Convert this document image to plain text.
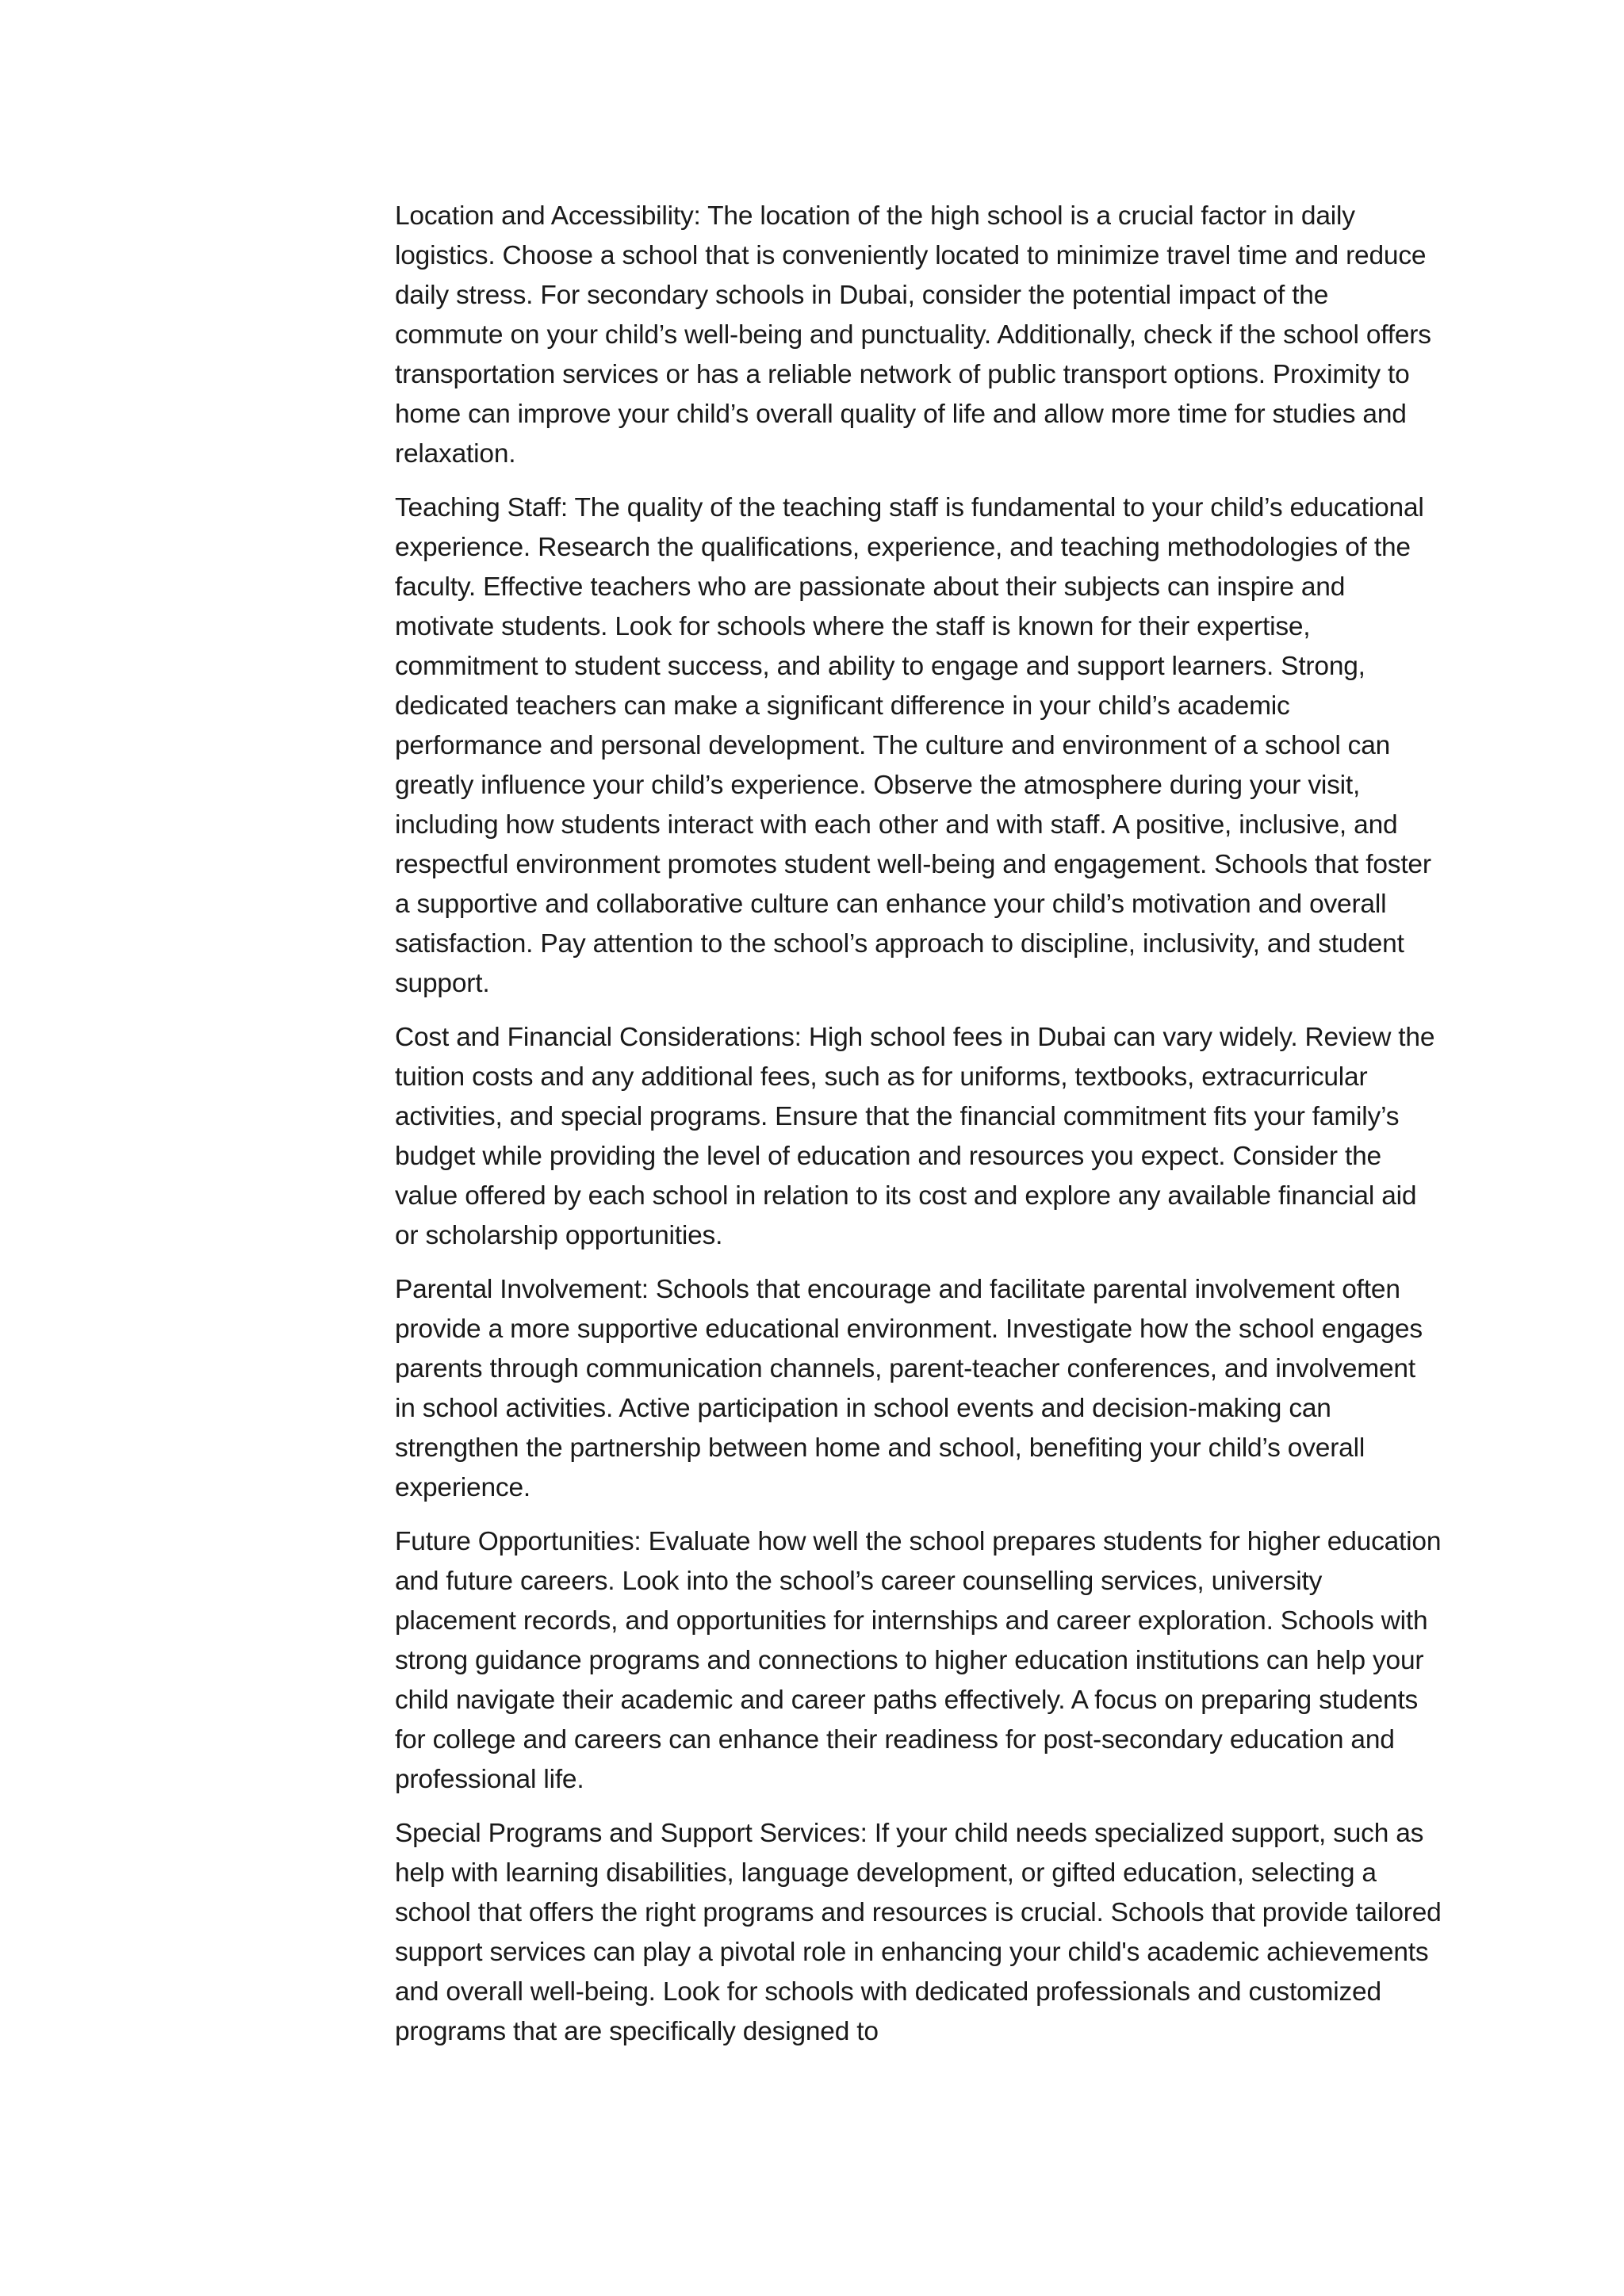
Location and Accessibility: The location of the high school is a crucial factor in daily logistics. Choose a school that is conveniently located to minimize travel time and reduce daily stress. For secondary schools in Dubai, consider the potential impact of the commute on your child’s well-being and punctuality. Additionally, check if the school offers transportation services or has a reliable network of public transport options. Proximity to home can improve your child’s overall quality of life and allow more time for studies and relaxation.

Teaching Staff: The quality of the teaching staff is fundamental to your child’s educational experience. Research the qualifications, experience, and teaching methodologies of the faculty. Effective teachers who are passionate about their subjects can inspire and motivate students. Look for schools where the staff is known for their expertise, commitment to student success, and ability to engage and support learners. Strong, dedicated teachers can make a significant difference in your child’s academic performance and personal development. The culture and environment of a school can greatly influence your child’s experience. Observe the atmosphere during your visit, including how students interact with each other and with staff. A positive, inclusive, and respectful environment promotes student well-being and engagement. Schools that foster a supportive and collaborative culture can enhance your child’s motivation and overall satisfaction. Pay attention to the school’s approach to discipline, inclusivity, and student support.

Cost and Financial Considerations: High school fees in Dubai can vary widely. Review the tuition costs and any additional fees, such as for uniforms, textbooks, extracurricular activities, and special programs. Ensure that the financial commitment fits your family’s budget while providing the level of education and resources you expect. Consider the value offered by each school in relation to its cost and explore any available financial aid or scholarship opportunities.

Parental Involvement: Schools that encourage and facilitate parental involvement often provide a more supportive educational environment. Investigate how the school engages parents through communication channels, parent-teacher conferences, and involvement in school activities. Active participation in school events and decision-making can strengthen the partnership between home and school, benefiting your child’s overall experience.

Future Opportunities: Evaluate how well the school prepares students for higher education and future careers. Look into the school’s career counselling services, university placement records, and opportunities for internships and career exploration. Schools with strong guidance programs and connections to higher education institutions can help your child navigate their academic and career paths effectively. A focus on preparing students for college and careers can enhance their readiness for post-secondary education and professional life.

Special Programs and Support Services: If your child needs specialized support, such as help with learning disabilities, language development, or gifted education, selecting a school that offers the right programs and resources is crucial. Schools that provide tailored support services can play a pivotal role in enhancing your child's academic achievements and overall well-being. Look for schools with dedicated professionals and customized programs that are specifically designed to
